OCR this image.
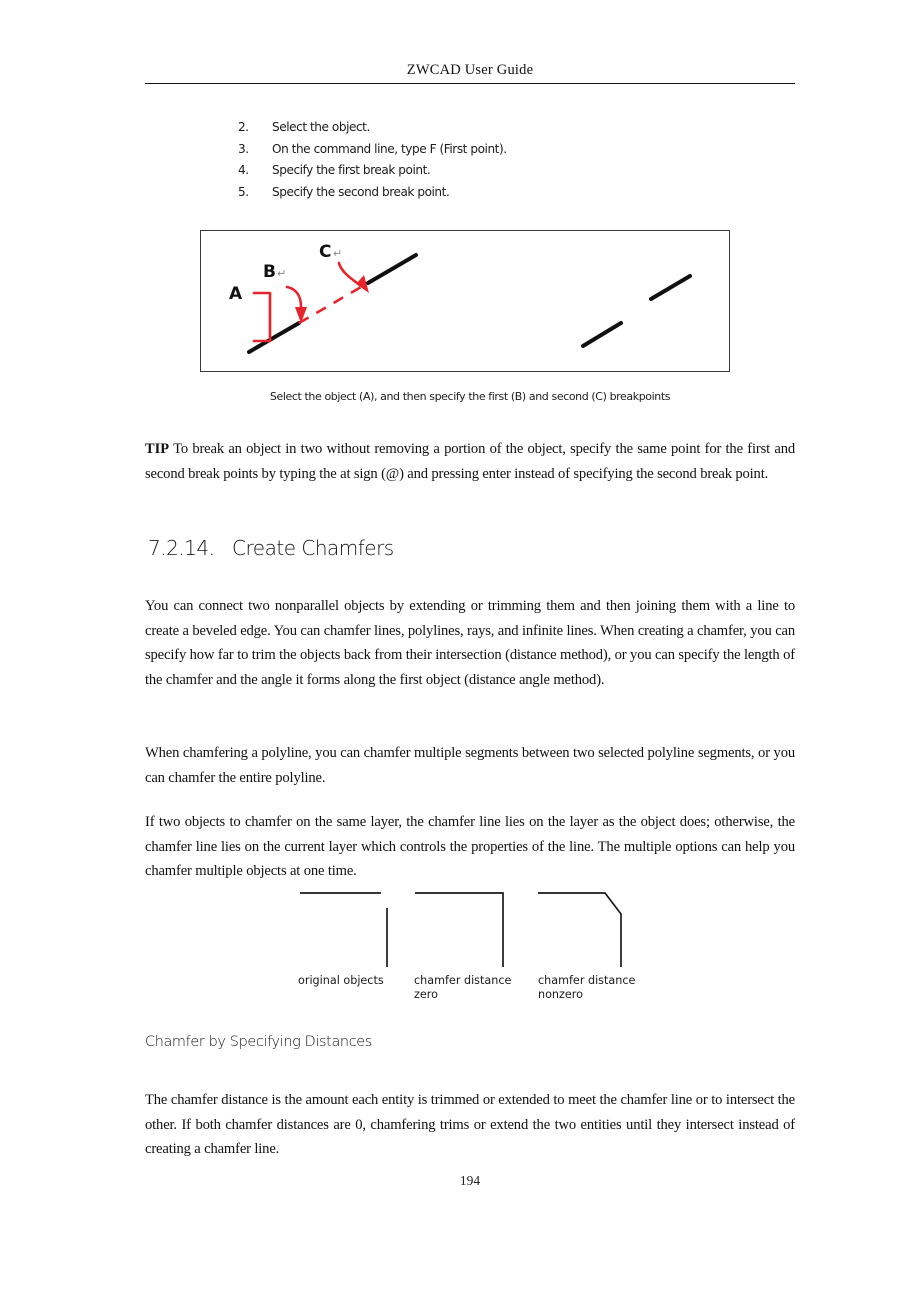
ZWCAD User Guide
2.	Select the object.
3.	On the command line, type F (First point).
4.	Specify the first break point.
5.	Specify the second break point.
A
B ↵
C ↵
Select the object (A), and then specify the first (B) and second (C) breakpoints
TIP To break an object in two without removing a portion of the object, specify the same point for the first and second break points by typing the at sign (@) and pressing enter instead of specifying the second break point.
7.2.14.   Create Chamfers
You can connect two nonparallel objects by extending or trimming them and then joining them with a line to create a beveled edge. You can chamfer lines, polylines, rays, and infinite lines. When creating a chamfer, you can specify how far to trim the objects back from their intersection (distance method), or you can specify the length of the chamfer and the angle it forms along the first object (distance angle method).
When chamfering a polyline, you can chamfer multiple segments between two selected polyline segments, or you can chamfer the entire polyline.
If two objects to chamfer on the same layer, the chamfer line lies on the layer as the object does; otherwise, the chamfer line lies on the current layer which controls the properties of the line. The multiple options can help you chamfer multiple objects at one time.
original objects	chamfer distance
zero
chamfer distance
nonzero
Chamfer by Specifying Distances
The chamfer distance is the amount each entity is trimmed or extended to meet the chamfer line or to intersect the other. If both chamfer distances are 0, chamfering trims or extend the two entities until they intersect instead of creating a chamfer line.
194
